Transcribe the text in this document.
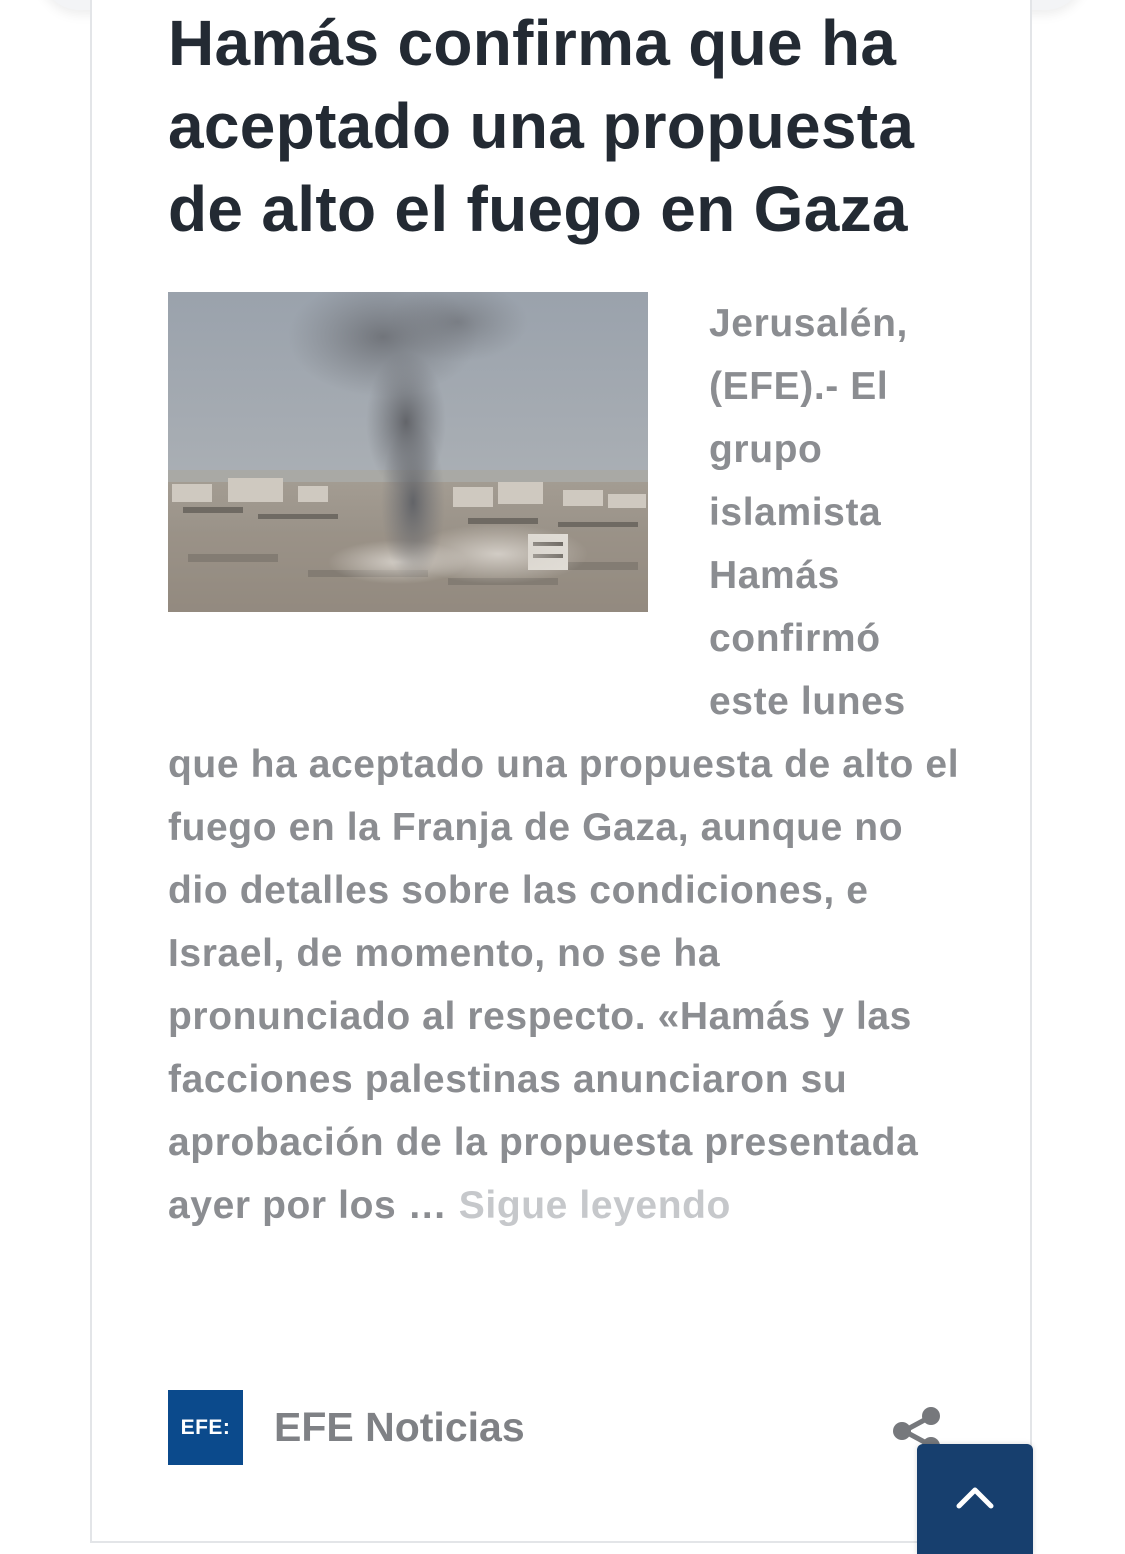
Hamás confirma que ha aceptado una propuesta de alto el fuego en Gaza

Jerusalén, (EFE).- El grupo islamista Hamás confirmó este lunes que ha aceptado una propuesta de alto el fuego en la Franja de Gaza, aunque no dio detalles sobre las condiciones, e Israel, de momento, no se ha pronunciado al respecto. «Hamás y las facciones palestinas anunciaron su aprobación de la propuesta presentada ayer por los … Sigue leyendo

EFE: EFE Noticias
